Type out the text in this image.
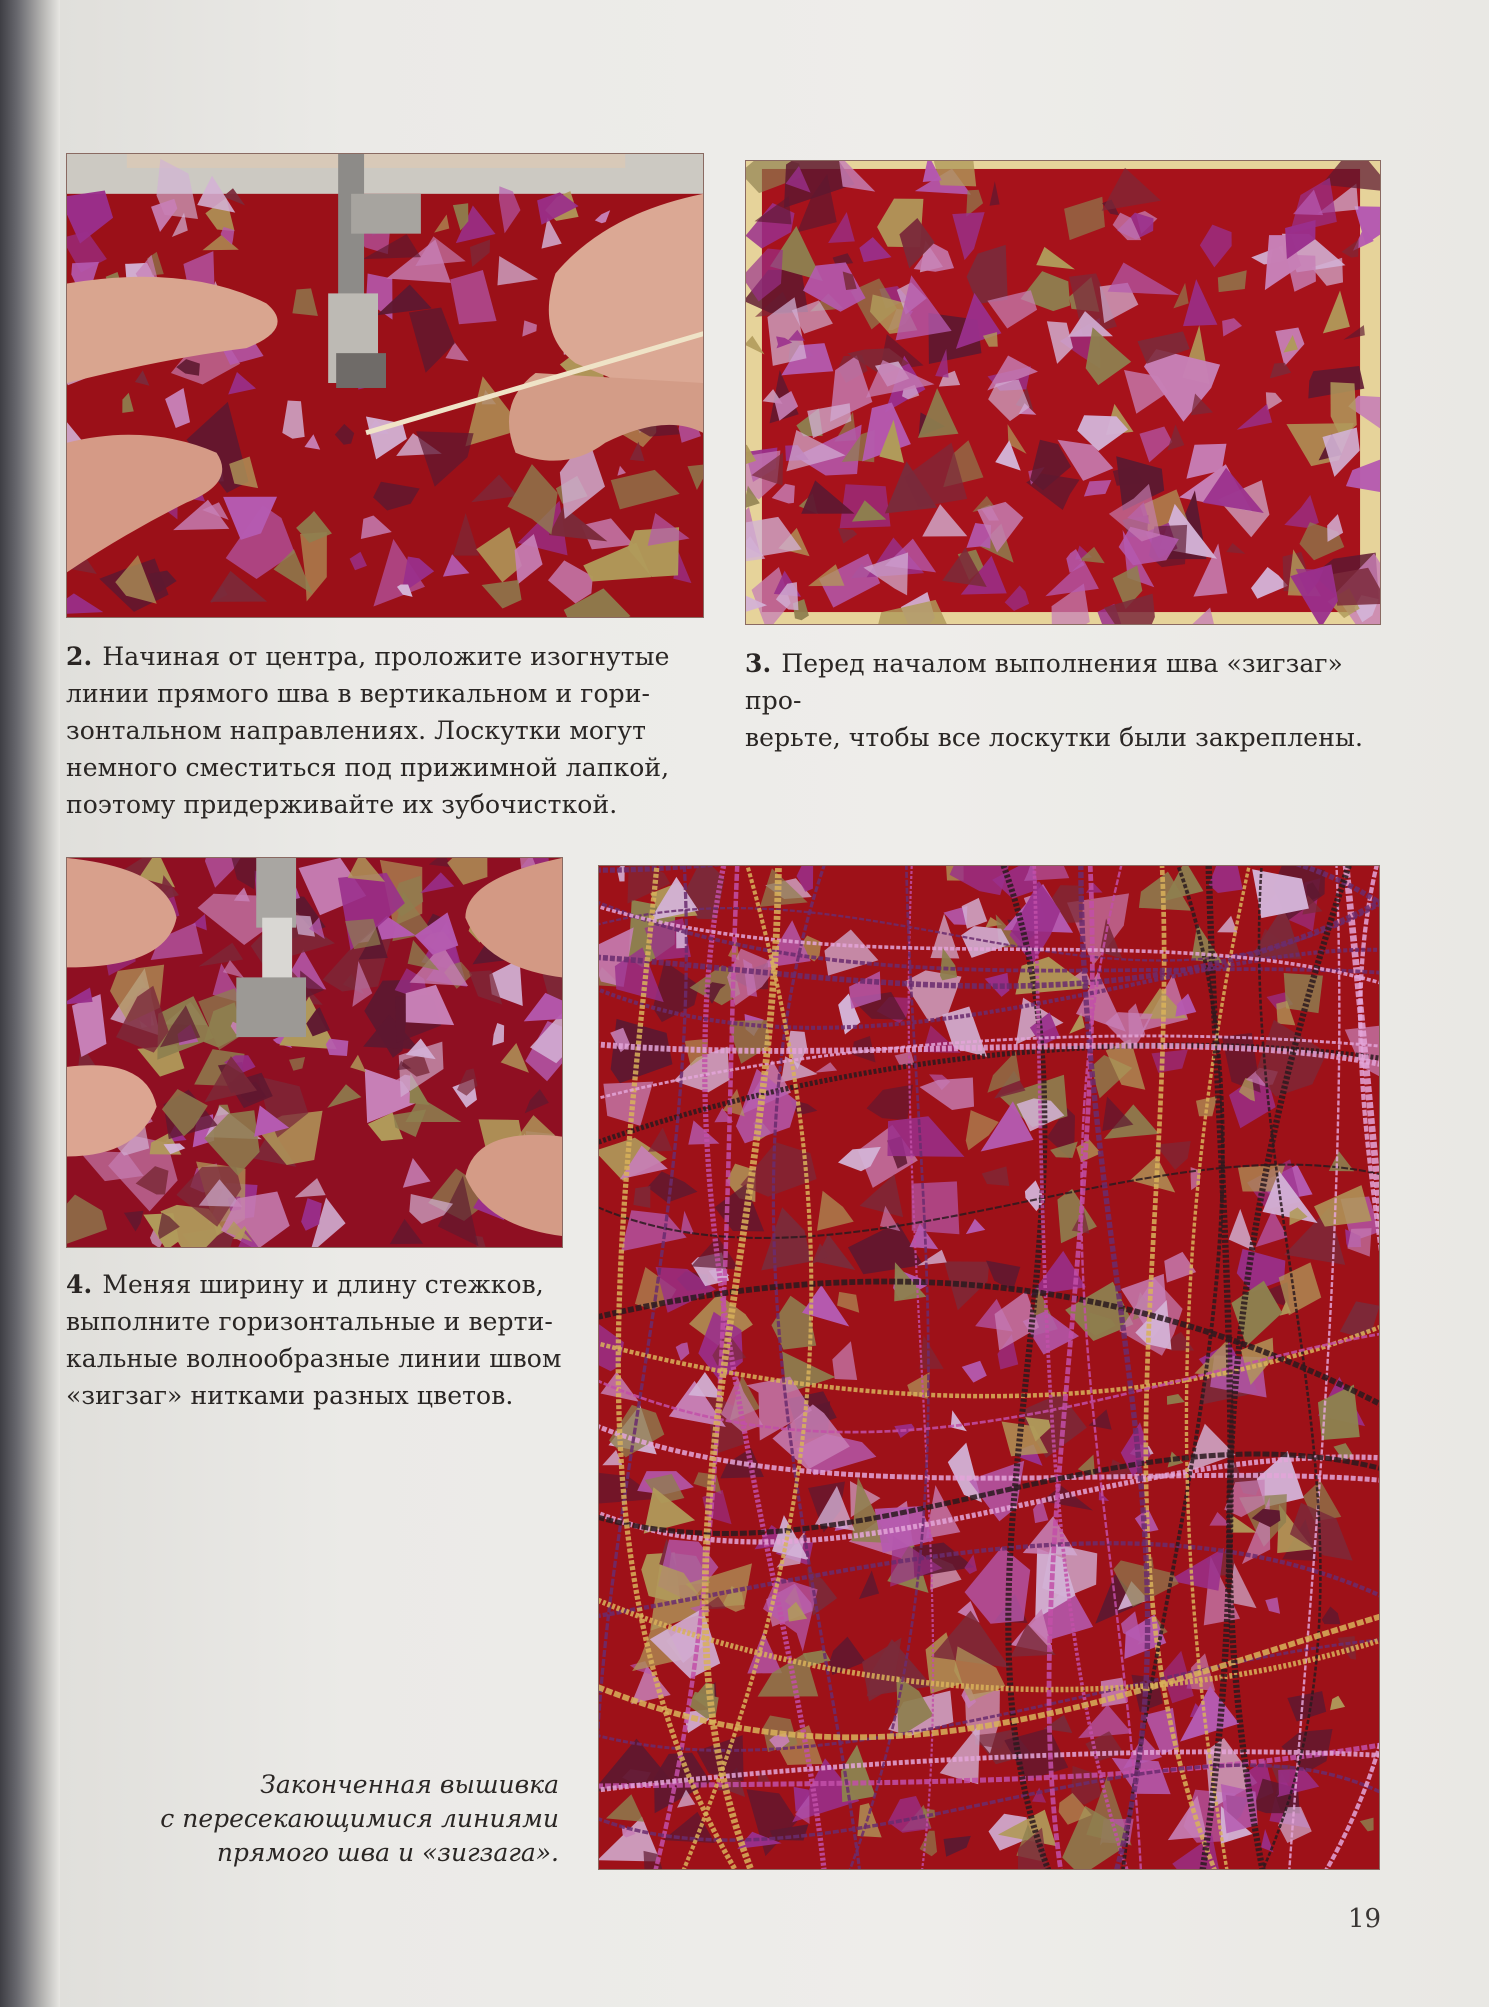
2. Начиная от центра, проложите изогнутые

линии прямого шва в вертикальном и гори-

зонтальном направлениях. Лоскутки могут

немного сместиться под прижимной лапкой,

поэтому придерживайте их зубочисткой.

3. Перед началом выполнения шва «зигзаг» про-

верьте, чтобы все лоскутки были закреплены.

4. Меняя ширину и длину стежков,

выполните горизонтальные и верти-

кальные волнообразные линии швом

«зигзаг» нитками разных цветов.

Законченная вышивка
с пересекающимися линиями
прямого шва и «зигзага».
19
